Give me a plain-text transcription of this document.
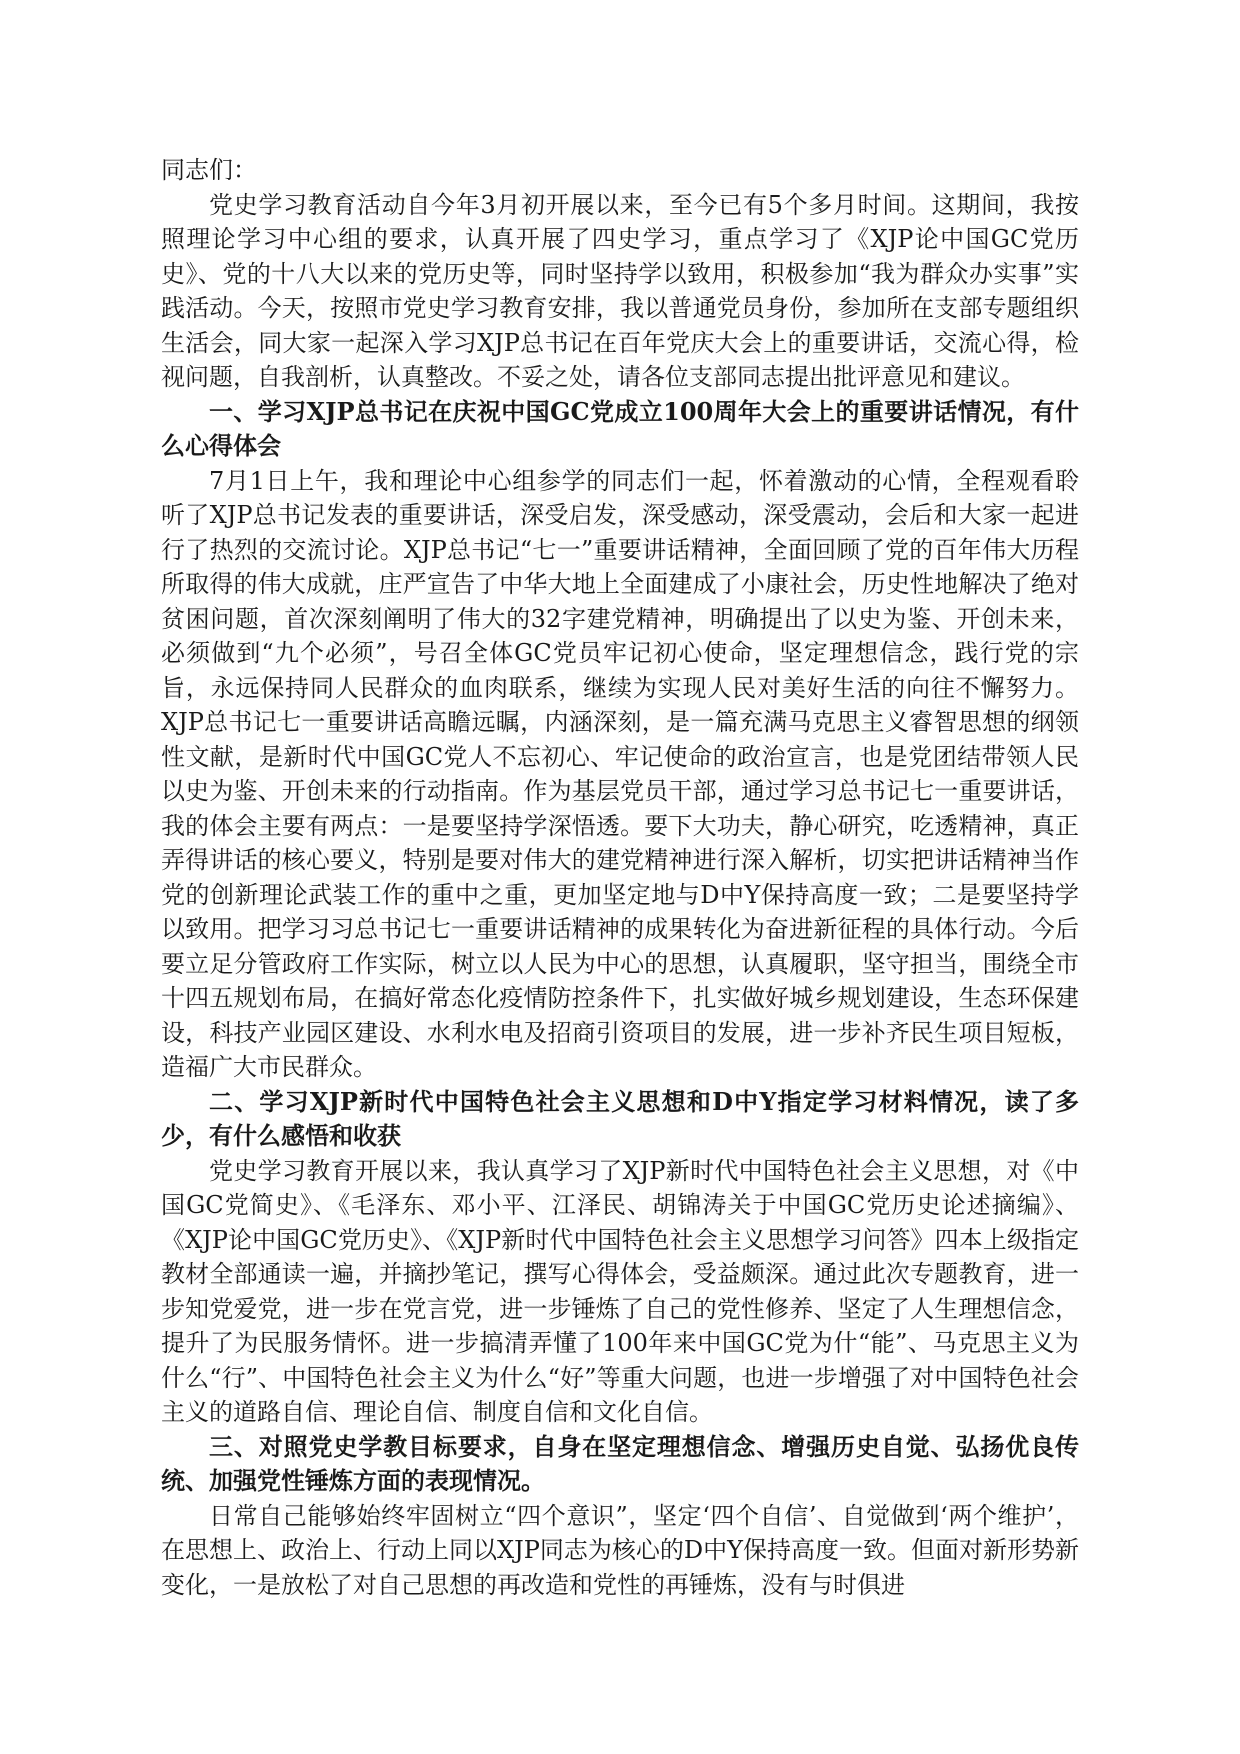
同志们：

党史学习教育活动自今年3月初开展以来，至今已有5个多月时间。这期间，我按照理论学习中心组的要求，认真开展了四史学习，重点学习了《XJP论中国GC党历史》、党的十八大以来的党历史等，同时坚持学以致用，积极参加“我为群众办实事”实践活动。今天，按照市党史学习教育安排，我以普通党员身份，参加所在支部专题组织生活会，同大家一起深入学习XJP总书记在百年党庆大会上的重要讲话，交流心得，检视问题，自我剖析，认真整改。不妥之处，请各位支部同志提出批评意见和建议。

一、学习XJP总书记在庆祝中国GC党成立100周年大会上的重要讲话情况，有什么心得体会

7月1日上午，我和理论中心组参学的同志们一起，怀着激动的心情，全程观看聆听了XJP总书记发表的重要讲话，深受启发，深受感动，深受震动，会后和大家一起进行了热烈的交流讨论。XJP总书记“七一”重要讲话精神，全面回顾了党的百年伟大历程所取得的伟大成就，庄严宣告了中华大地上全面建成了小康社会，历史性地解决了绝对贫困问题，首次深刻阐明了伟大的32字建党精神，明确提出了以史为鉴、开创未来，必须做到“九个必须”，号召全体GC党员牢记初心使命，坚定理想信念，践行党的宗旨，永远保持同人民群众的血肉联系，继续为实现人民对美好生活的向往不懈努力。XJP总书记七一重要讲话高瞻远瞩，内涵深刻，是一篇充满马克思主义睿智思想的纲领性文献，是新时代中国GC党人不忘初心、牢记使命的政治宣言，也是党团结带领人民以史为鉴、开创未来的行动指南。作为基层党员干部，通过学习总书记七一重要讲话，我的体会主要有两点：一是要坚持学深悟透。要下大功夫，静心研究，吃透精神，真正弄得讲话的核心要义，特别是要对伟大的建党精神进行深入解析，切实把讲话精神当作党的创新理论武装工作的重中之重，更加坚定地与D中Y保持高度一致；二是要坚持学以致用。把学习习总书记七一重要讲话精神的成果转化为奋进新征程的具体行动。今后要立足分管政府工作实际，树立以人民为中心的思想，认真履职，坚守担当，围绕全市十四五规划布局，在搞好常态化疫情防控条件下，扎实做好城乡规划建设，生态环保建设，科技产业园区建设、水利水电及招商引资项目的发展，进一步补齐民生项目短板，造福广大市民群众。

二、学习XJP新时代中国特色社会主义思想和D中Y指定学习材料情况，读了多少，有什么感悟和收获

党史学习教育开展以来，我认真学习了XJP新时代中国特色社会主义思想，对《中国GC党简史》、《毛泽东、邓小平、江泽民、胡锦涛关于中国GC党历史论述摘编》、《XJP论中国GC党历史》、《XJP新时代中国特色社会主义思想学习问答》四本上级指定教材全部通读一遍，并摘抄笔记，撰写心得体会，受益颇深。通过此次专题教育，进一步知党爱党，进一步在党言党，进一步锤炼了自己的党性修养、坚定了人生理想信念，提升了为民服务情怀。进一步搞清弄懂了100年来中国GC党为什“能”、马克思主义为什么“行”、中国特色社会主义为什么“好”等重大问题，也进一步增强了对中国特色社会主义的道路自信、理论自信、制度自信和文化自信。

三、对照党史学教目标要求，自身在坚定理想信念、增强历史自觉、弘扬优良传统、加强党性锤炼方面的表现情况。

日常自己能够始终牢固树立“四个意识”，坚定‘四个自信’、自觉做到‘两个维护’，在思想上、政治上、行动上同以XJP同志为核心的D中Y保持高度一致。但面对新形势新变化，一是放松了对自己思想的再改造和党性的再锤炼，没有与时俱进
